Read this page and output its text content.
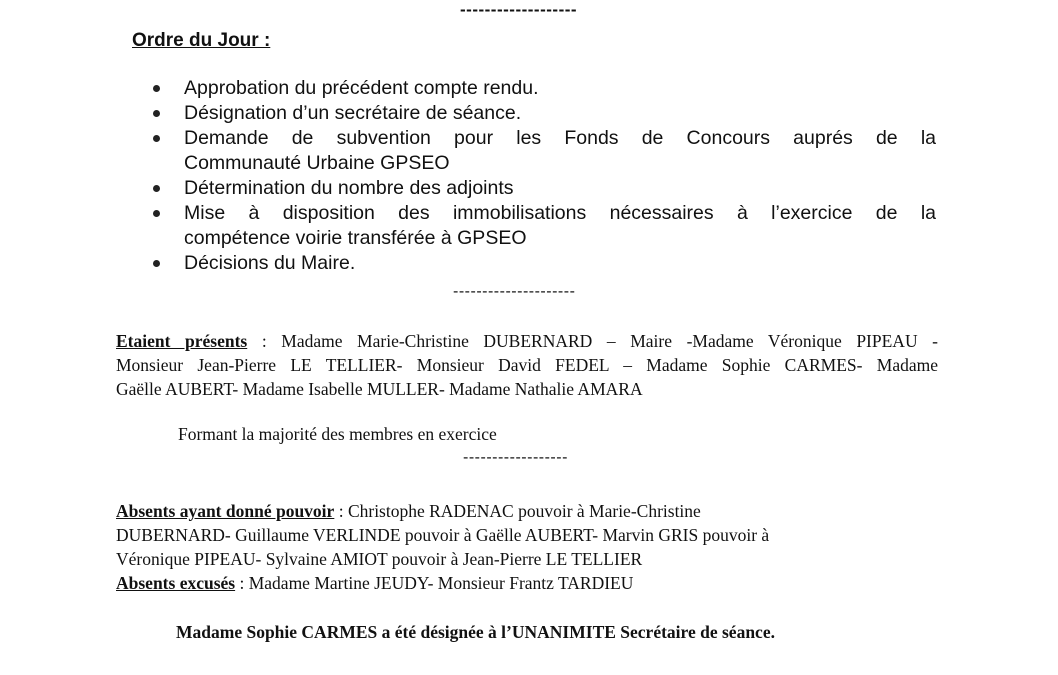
-------------------
Ordre du Jour :
Approbation du précédent compte rendu.
Désignation d’un secrétaire de séance.
Demande de subvention pour les Fonds de Concours auprés de la
Communauté Urbaine GPSEO
Détermination du nombre des adjoints
Mise à disposition des immobilisations nécessaires à l’exercice de la
compétence voirie transférée à GPSEO
Décisions du Maire.
---------------------
Etaient présents : Madame Marie-Christine DUBERNARD – Maire -Madame Véronique PIPEAU -
Monsieur Jean-Pierre LE TELLIER- Monsieur David FEDEL – Madame Sophie CARMES- Madame
Gaëlle AUBERT- Madame Isabelle MULLER- Madame Nathalie AMARA
Formant la majorité des membres en exercice
------------------
Absents ayant donné pouvoir : Christophe RADENAC pouvoir à Marie-Christine
DUBERNARD- Guillaume VERLINDE pouvoir à Gaëlle AUBERT- Marvin GRIS pouvoir à
Véronique PIPEAU- Sylvaine AMIOT pouvoir à Jean-Pierre LE TELLIER
Absents excusés : Madame Martine JEUDY- Monsieur Frantz TARDIEU
Madame Sophie CARMES a été désignée à l’UNANIMITE Secrétaire de séance.
